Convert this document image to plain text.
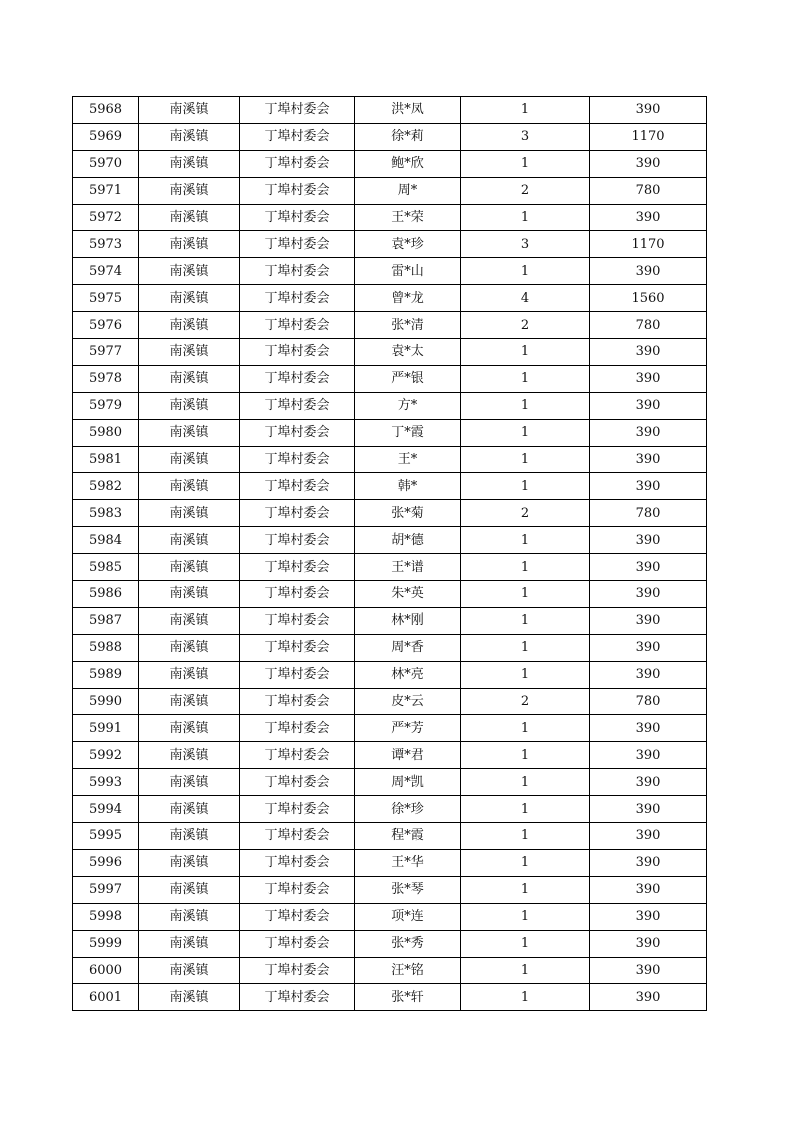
5968	南溪镇	丁埠村委会	洪*凤	1	390
5969	南溪镇	丁埠村委会	徐*莉	3	1170
5970	南溪镇	丁埠村委会	鲍*欣	1	390
5971	南溪镇	丁埠村委会	周*	2	780
5972	南溪镇	丁埠村委会	王*荣	1	390
5973	南溪镇	丁埠村委会	袁*珍	3	1170
5974	南溪镇	丁埠村委会	雷*山	1	390
5975	南溪镇	丁埠村委会	曾*龙	4	1560
5976	南溪镇	丁埠村委会	张*清	2	780
5977	南溪镇	丁埠村委会	袁*太	1	390
5978	南溪镇	丁埠村委会	严*银	1	390
5979	南溪镇	丁埠村委会	方*	1	390
5980	南溪镇	丁埠村委会	丁*霞	1	390
5981	南溪镇	丁埠村委会	王*	1	390
5982	南溪镇	丁埠村委会	韩*	1	390
5983	南溪镇	丁埠村委会	张*菊	2	780
5984	南溪镇	丁埠村委会	胡*德	1	390
5985	南溪镇	丁埠村委会	王*谱	1	390
5986	南溪镇	丁埠村委会	朱*英	1	390
5987	南溪镇	丁埠村委会	林*刚	1	390
5988	南溪镇	丁埠村委会	周*香	1	390
5989	南溪镇	丁埠村委会	林*亮	1	390
5990	南溪镇	丁埠村委会	皮*云	2	780
5991	南溪镇	丁埠村委会	严*芳	1	390
5992	南溪镇	丁埠村委会	谭*君	1	390
5993	南溪镇	丁埠村委会	周*凯	1	390
5994	南溪镇	丁埠村委会	徐*珍	1	390
5995	南溪镇	丁埠村委会	程*霞	1	390
5996	南溪镇	丁埠村委会	王*华	1	390
5997	南溪镇	丁埠村委会	张*琴	1	390
5998	南溪镇	丁埠村委会	项*连	1	390
5999	南溪镇	丁埠村委会	张*秀	1	390
6000	南溪镇	丁埠村委会	汪*铭	1	390
6001	南溪镇	丁埠村委会	张*轩	1	390
